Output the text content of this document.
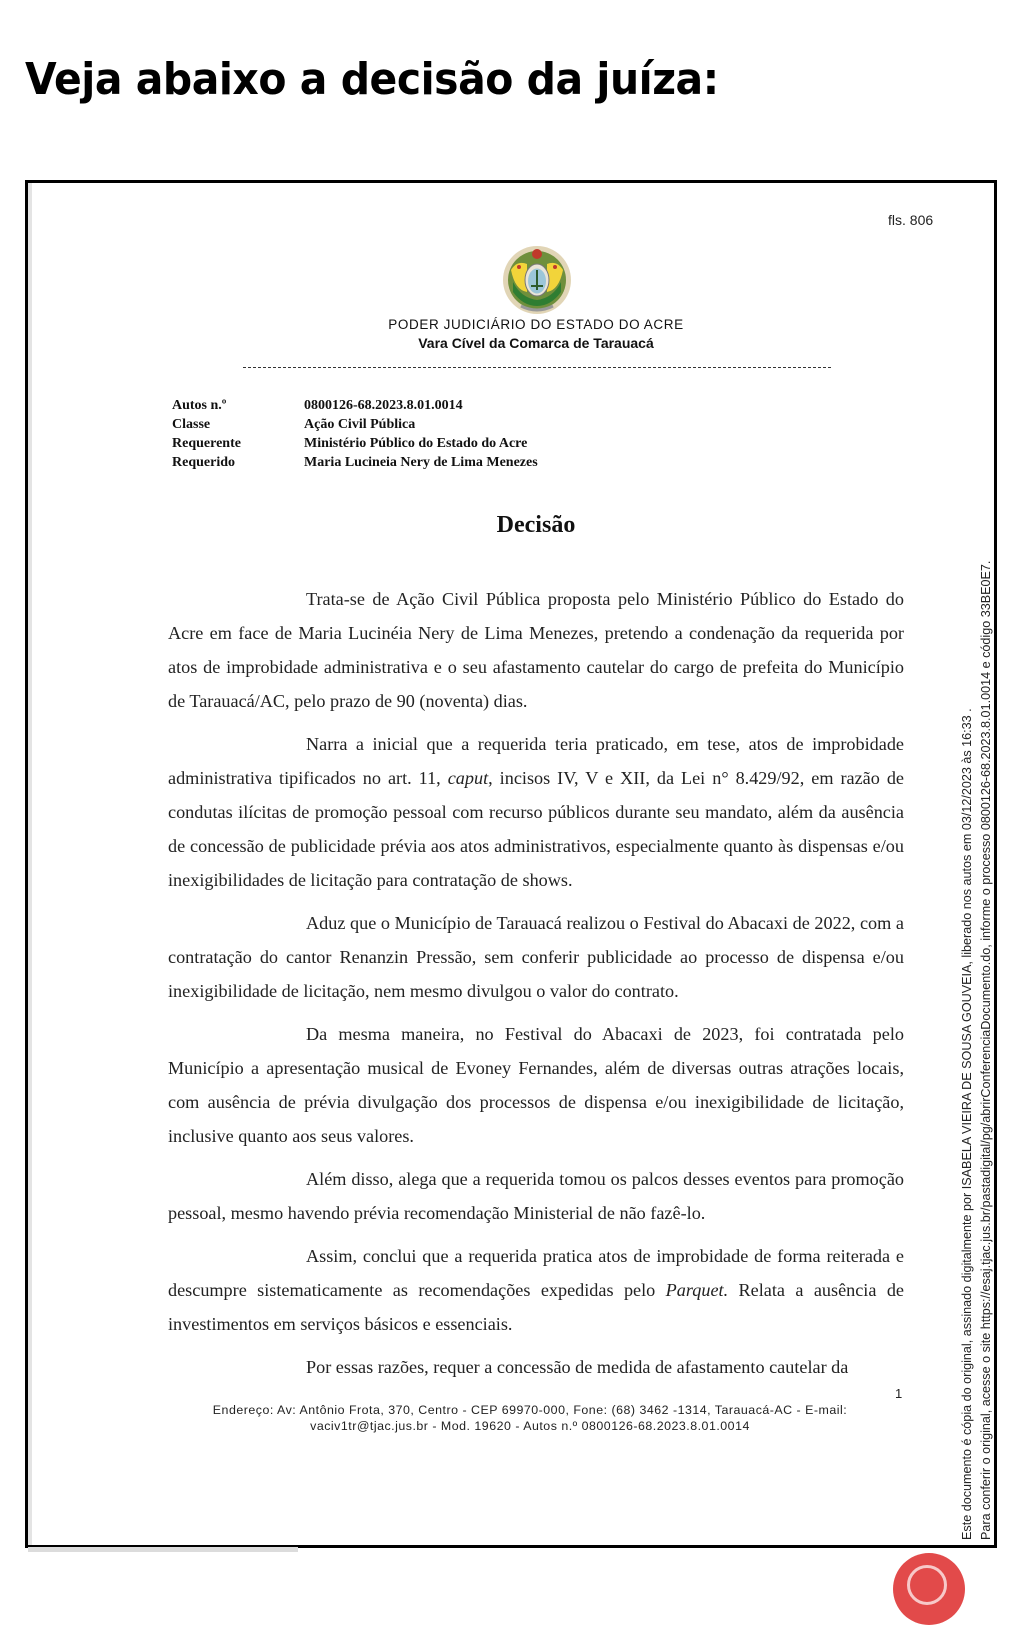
Veja abaixo a decisão da juíza:
fls. 806
PODER JUDICIÁRIO DO ESTADO DO ACRE
Vara Cível da Comarca de Tarauacá
Autos n.º	0800126-68.2023.8.01.0014
Classe	Ação Civil Pública
Requerente	Ministério Público do Estado do Acre
Requerido	Maria Lucineia Nery de Lima Menezes
Decisão

Trata-se de Ação Civil Pública proposta pelo Ministério Público do Estado do Acre em face de Maria Lucinéia Nery de Lima Menezes, pretendo a condenação da requerida por atos de improbidade administrativa e o seu afastamento cautelar do cargo de prefeita do Município de Tarauacá/AC, pelo prazo de 90 (noventa) dias.

Narra a inicial que a requerida teria praticado, em tese, atos de improbidade administrativa tipificados no art. 11, caput, incisos IV, V e XII, da Lei n° 8.429/92, em razão de condutas ilícitas de promoção pessoal com recurso públicos durante seu mandato, além da ausência de concessão de publicidade prévia aos atos administrativos, especialmente quanto às dispensas e/ou inexigibilidades de licitação para contratação de shows.

Aduz que o Município de Tarauacá realizou o Festival do Abacaxi de 2022, com a contratação do cantor Renanzin Pressão, sem conferir publicidade ao processo de dispensa e/ou inexigibilidade de licitação, nem mesmo divulgou o valor do contrato.

Da mesma maneira, no Festival do Abacaxi de 2023, foi contratada pelo Município a apresentação musical de Evoney Fernandes, além de diversas outras atrações locais, com ausência de prévia divulgação dos processos de dispensa e/ou inexigibilidade de licitação, inclusive quanto aos seus valores.

Além disso, alega que a requerida tomou os palcos desses eventos para promoção pessoal, mesmo havendo prévia recomendação Ministerial de não fazê-lo.

Assim, conclui que a requerida pratica atos de improbidade de forma reiterada e descumpre sistematicamente as recomendações expedidas pelo Parquet. Relata a ausência de investimentos em serviços básicos e essenciais.

Por essas razões, requer a concessão de medida de afastamento cautelar da

1
Endereço: Av: Antônio Frota, 370, Centro - CEP 69970-000, Fone: (68) 3462 -1314, Tarauacá-AC - E-mail:
vaciv1tr@tjac.jus.br - Mod. 19620 - Autos n.º 0800126-68.2023.8.01.0014	Este documento é cópia do original, assinado digitalmente por ISABELA VIEIRA DE SOUSA GOUVEIA, liberado nos autos em 03/12/2023 às 16:33 . Para conferir o original, acesse o site https://esaj.tjac.jus.br/pastadigital/pg/abrirConferenciaDocumento.do, informe o processo 0800126-68.2023.8.01.0014 e código 33BE0E7.
